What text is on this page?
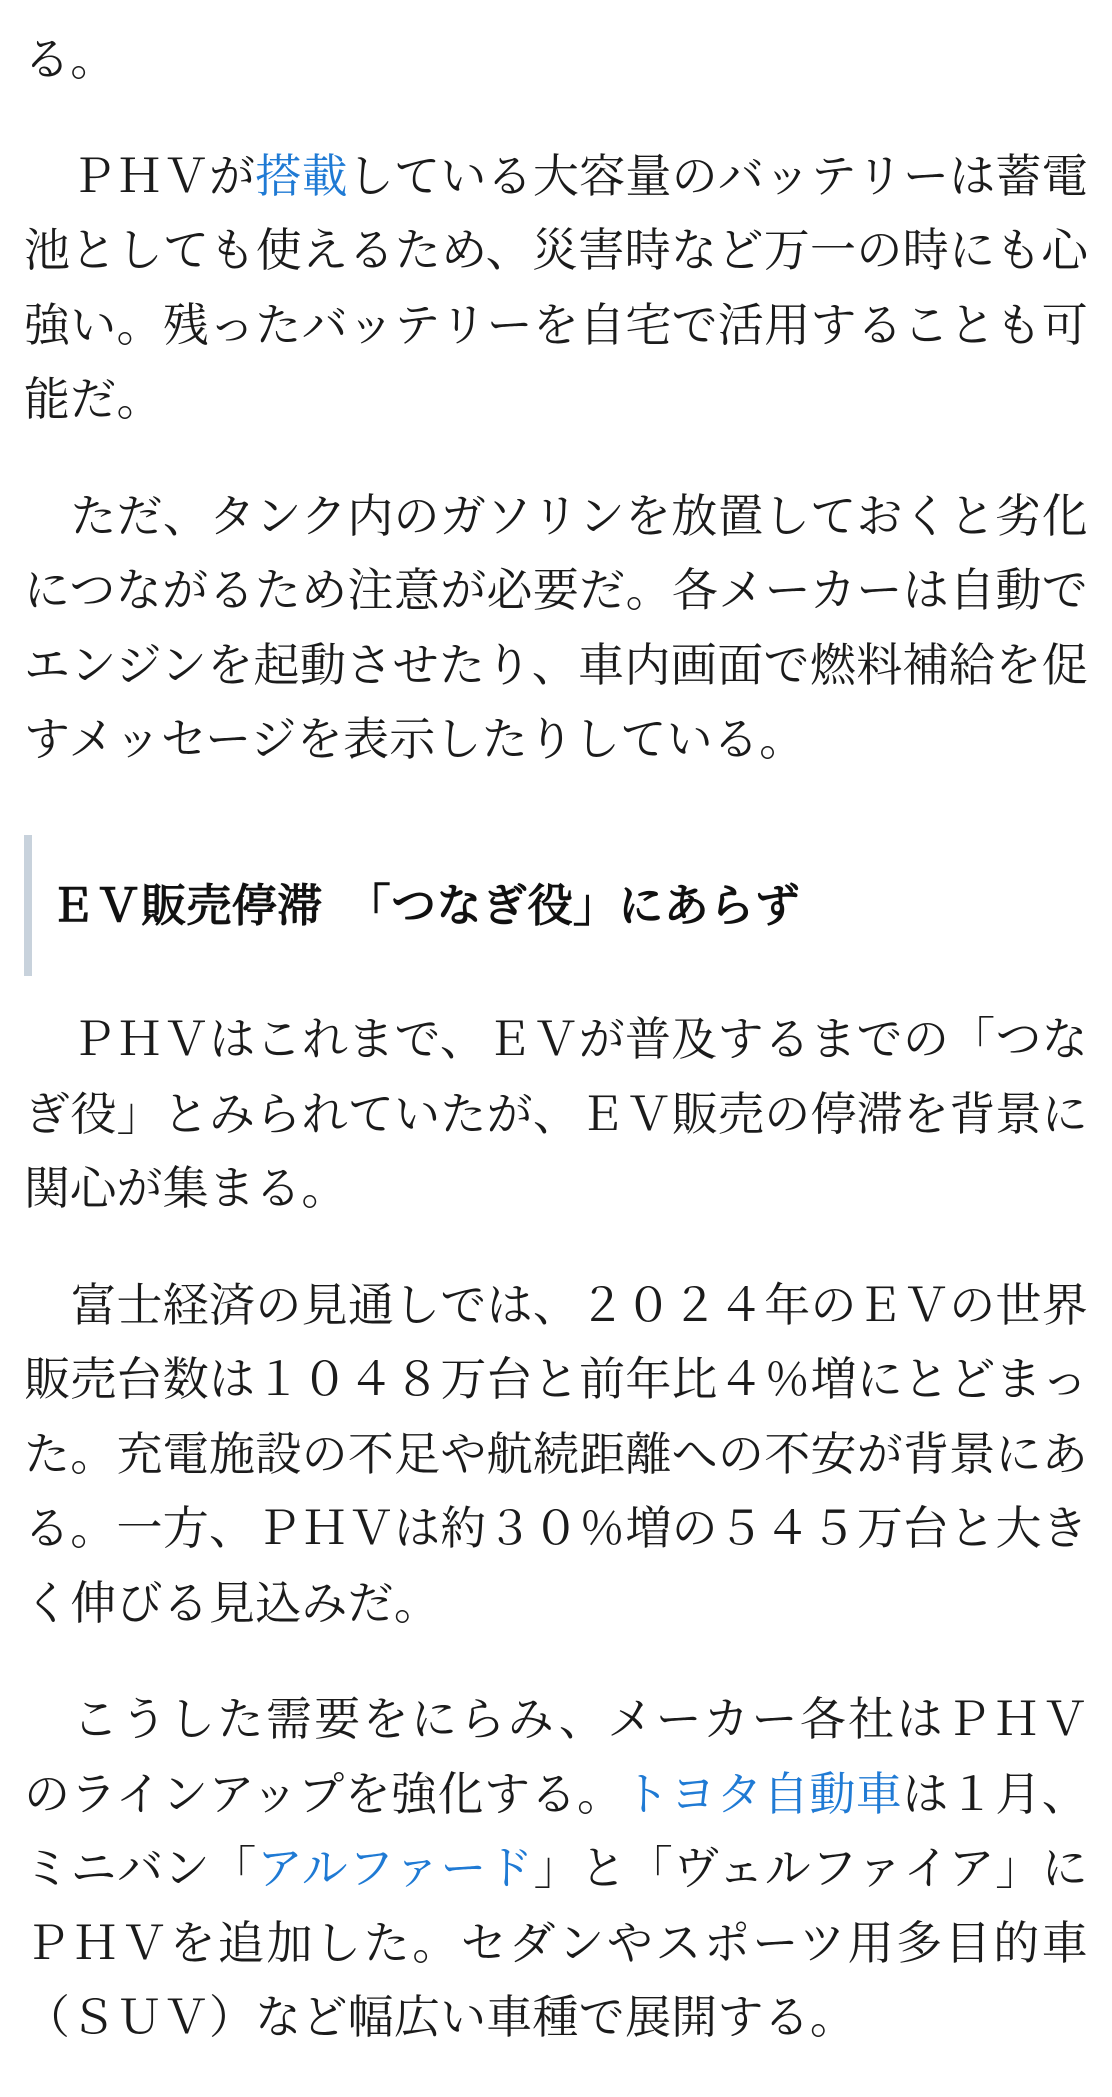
る。

ＰＨＶが搭載している大容量のバッテリーは蓄電池としても使えるため、災害時など万一の時にも心強い。残ったバッテリーを自宅で活用することも可能だ。

ただ、タンク内のガソリンを放置しておくと劣化につながるため注意が必要だ。各メーカーは自動でエンジンを起動させたり、車内画面で燃料補給を促すメッセージを表示したりしている。

ＥＶ販売停滞　「つなぎ役」にあらず

ＰＨＶはこれまで、ＥＶが普及するまでの「つなぎ役」とみられていたが、ＥＶ販売の停滞を背景に関心が集まる。

富士経済の見通しでは、２０２４年のＥＶの世界販売台数は１０４８万台と前年比４％増にとどまった。充電施設の不足や航続距離への不安が背景にある。一方、ＰＨＶは約３０％増の５４５万台と大きく伸びる見込みだ。

こうした需要をにらみ、メーカー各社はＰＨＶのラインアップを強化する。トヨタ自動車は１月、ミニバン「アルファード」と「ヴェルファイア」にＰＨＶを追加した。セダンやスポーツ用多目的車（ＳＵＶ）など幅広い車種で展開する。
